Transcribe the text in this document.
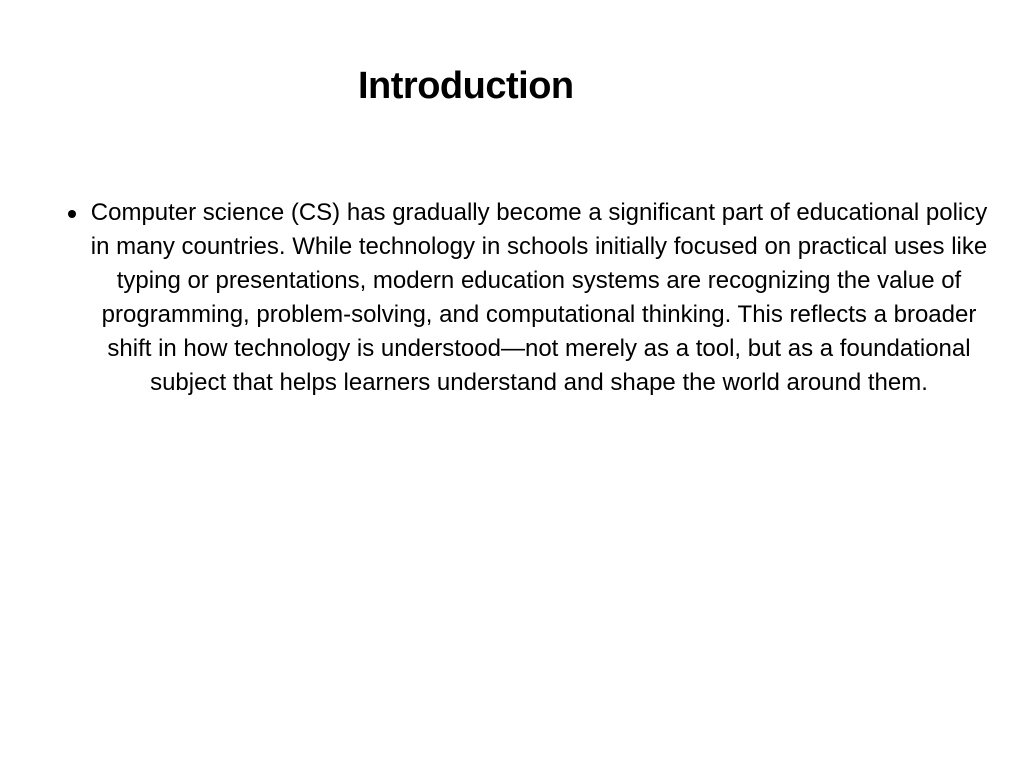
Introduction

Computer science (CS) has gradually become a significant part of educational policy in many countries. While technology in schools initially focused on practical uses like typing or presentations, modern education systems are recognizing the value of programming, problem-solving, and computational thinking. This reflects a broader shift in how technology is understood—not merely as a tool, but as a foundational subject that helps learners understand and shape the world around them.
